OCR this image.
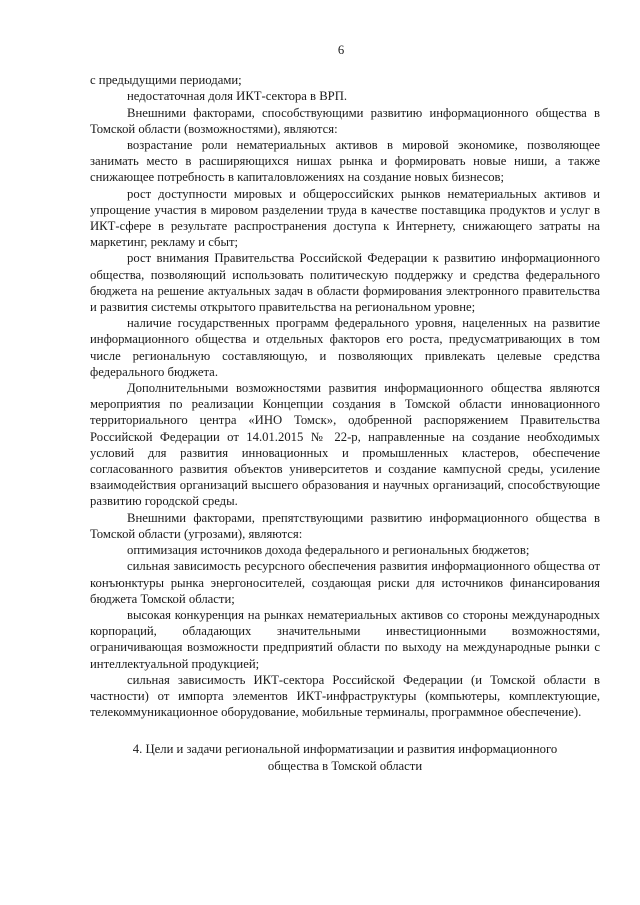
6

с предыдущими периодами;

недостаточная доля ИКТ-сектора в ВРП.

Внешними факторами, способствующими развитию информационного общества в Томской области (возможностями), являются:

возрастание роли нематериальных активов в мировой экономике, позволяющее занимать место в расширяющихся нишах рынка и формировать новые ниши, а также снижающее потребность в капиталовложениях на создание новых бизнесов;

рост доступности мировых и общероссийских рынков нематериальных активов и упрощение участия в мировом разделении труда в качестве поставщика продуктов и услуг в ИКТ-сфере в результате распространения доступа к Интернету, снижающего затраты на маркетинг, рекламу и сбыт;

рост внимания Правительства Российской Федерации к развитию информационного общества, позволяющий использовать политическую поддержку и средства федерального бюджета на решение актуальных задач в области формирования электронного правительства и развития системы открытого правительства на региональном уровне;

наличие государственных программ федерального уровня, нацеленных на развитие информационного общества и отдельных факторов его роста, предусматривающих в том числе региональную составляющую, и позволяющих привлекать целевые средства федерального бюджета.

Дополнительными возможностями развития информационного общества являются мероприятия по реализации Концепции создания в Томской области инновационного территориального центра «ИНО Томск», одобренной распоряжением Правительства Российской Федерации от 14.01.2015 № 22-р, направленные на создание необходимых условий для развития инновационных и промышленных кластеров, обеспечение согласованного развития объектов университетов и создание кампусной среды, усиление взаимодействия организаций высшего образования и научных организаций, способствующие развитию городской среды.

Внешними факторами, препятствующими развитию информационного общества в Томской области (угрозами), являются:

оптимизация источников дохода федерального и региональных бюджетов;

сильная зависимость ресурсного обеспечения развития информационного общества от конъюнктуры рынка энергоносителей, создающая риски для источников финансирования бюджета Томской области;

высокая конкуренция на рынках нематериальных активов со стороны международных корпораций, обладающих значительными инвестиционными возможностями, ограничивающая возможности предприятий области по выходу на международные рынки с интеллектуальной продукцией;

сильная зависимость ИКТ-сектора Российской Федерации (и Томской области в частности) от импорта элементов ИКТ-инфраструктуры (компьютеры, комплектующие, телекоммуникационное оборудование, мобильные терминалы, программное обеспечение).

4. Цели и задачи региональной информатизации и развития информационного
общества в Томской области
